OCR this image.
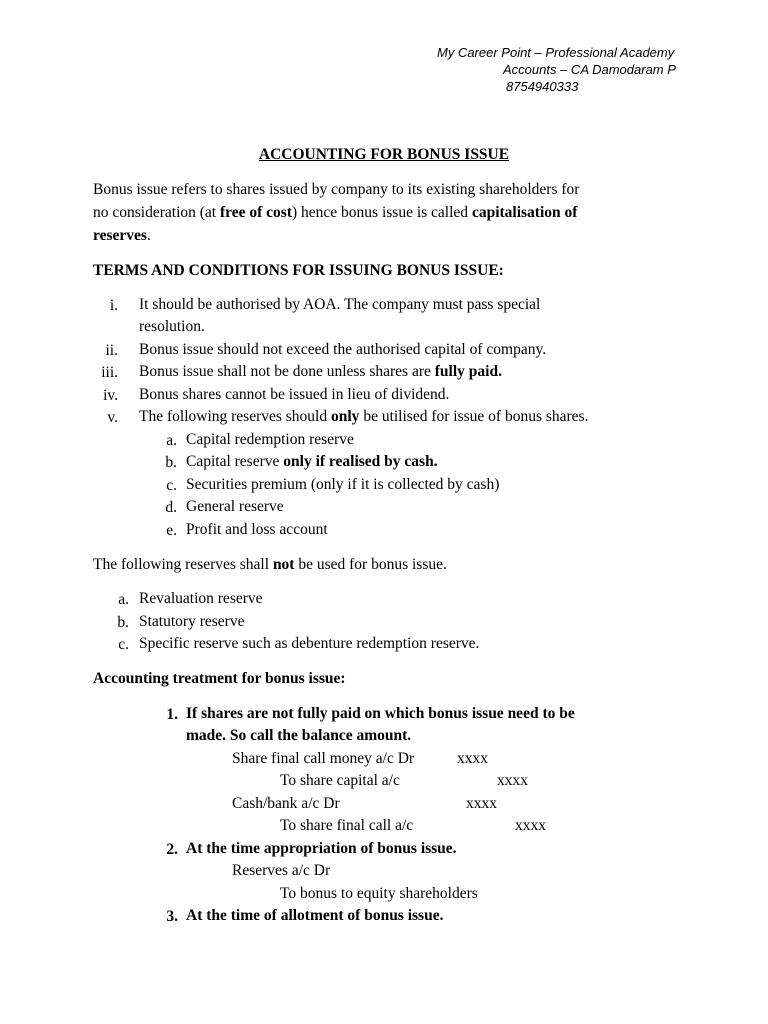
My Career Point – Professional Academy
Accounts – CA Damodaram P
8754940333
ACCOUNTING FOR BONUS ISSUE
Bonus issue refers to shares issued by company to its existing shareholders for
no consideration (at free of cost) hence bonus issue is called capitalisation of
reserves.
TERMS AND CONDITIONS FOR ISSUING BONUS ISSUE:
i. It should be authorised by AOA. The company must pass special
resolution.
ii. Bonus issue should not exceed the authorised capital of company.
iii. Bonus issue shall not be done unless shares are fully paid.
iv. Bonus shares cannot be issued in lieu of dividend.
v. The following reserves should only be utilised for issue of bonus shares.
a. Capital redemption reserve
b. Capital reserve only if realised by cash.
c. Securities premium (only if it is collected by cash)
d. General reserve
e. Profit and loss account
The following reserves shall not be used for bonus issue.
a. Revaluation reserve
b. Statutory reserve
c. Specific reserve such as debenture redemption reserve.
Accounting treatment for bonus issue:
1. If shares are not fully paid on which bonus issue need to be
made. So call the balance amount.
Share final call money a/c Dr	xxxx
To share capital a/c	xxxx
Cash/bank a/c Dr	xxxx
To share final call a/c	xxxx
2. At the time appropriation of bonus issue.
Reserves a/c Dr
To bonus to equity shareholders
3. At the time of allotment of bonus issue.
